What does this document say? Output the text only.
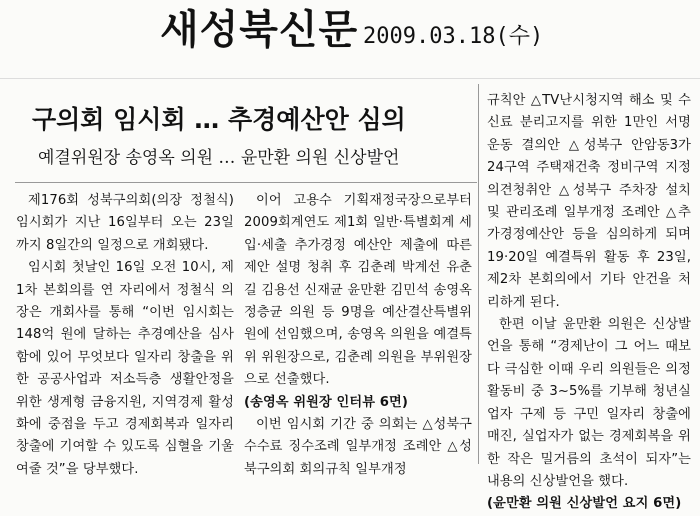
새성북신문 2009.03.18(수)
구의회 임시회 … 추경예산안 심의
예결위원장 송영옥 의원 … 윤만환 의원 신상발언

제176회 성북구의회(의장 정철식) 임시회가 지난 16일부터 오는 23일까지 8일간의 일정으로 개회됐다.

임시회 첫날인 16일 오전 10시, 제1차 본회의를 연 자리에서 정철식 의장은 개회사를 통해 “이번 임시회는 148억 원에 달하는 추경예산을 심사함에 있어 무엇보다 일자리 창출을 위한 공공사업과 저소득층 생활안정을 위한 생계형 금융지원, 지역경제 활성화에 중점을 두고 경제회복과 일자리 창출에 기여할 수 있도록 심혈을 기울여줄 것”을 당부했다.

이어 고용수 기획재정국장으로부터 2009회계연도 제1회 일반·특별회계 세입·세출 추가경정 예산안 제출에 따른 제안 설명 청취 후 김춘례 박계선 유춘길 김용선 신재균 윤만환 김민석 송영옥 정층균 의원 등 9명을 예산결산특별위원에 선임했으며, 송영옥 의원을 예결특위 위원장으로, 김춘례 의원을 부위원장으로 선출했다.

(송영옥 위원장 인터뷰 6면)

이번 임시회 기간 중 의회는 △성북구 수수료 징수조례 일부개정 조례안 △성북구의회 회의규칙 일부개정

규칙안 △TV난시청지역 해소 및 수신료 분리고지를 위한 1만인 서명운동 결의안 △성북구 안암동3가 24구역 주택재건축 정비구역 지정 의견청취안 △성북구 주차장 설치 및 관리조례 일부개정 조례안 △추가경정예산안 등을 심의하게 되며 19·20일 예결특위 활동 후 23일, 제2차 본회의에서 기타 안건을 처리하게 된다.

한편 이날 윤만환 의원은 신상발언을 통해 “경제난이 그 어느 때보다 극심한 이때 우리 의원들은 의정활동비 중 3~5%를 기부해 청년실업자 구제 등 구민 일자리 창출에 매진, 실업자가 없는 경제회복을 위한 작은 밀거름의 초석이 되자”는 내용의 신상발언을 했다.

(윤만환 의원 신상발언 요지 6면)
